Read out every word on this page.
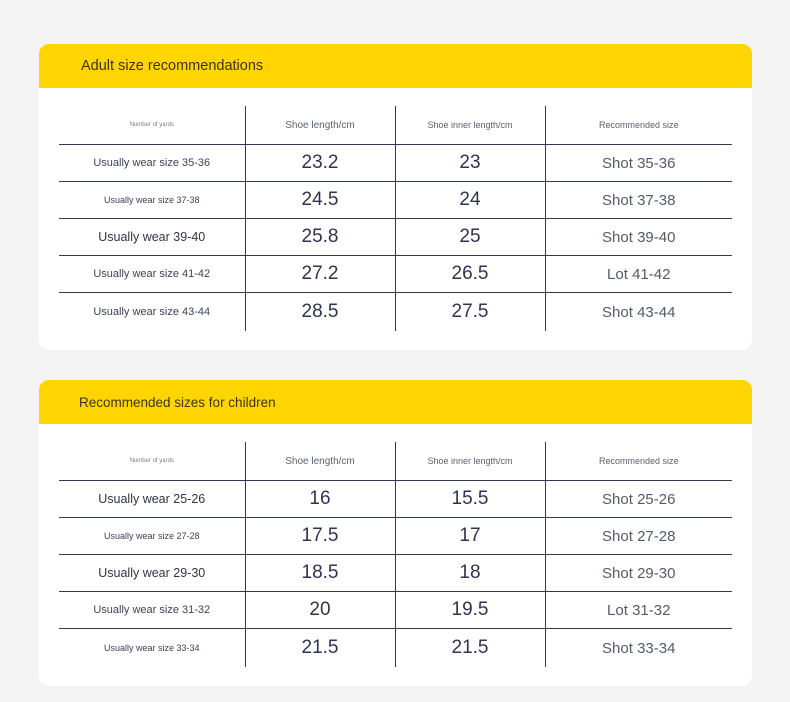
Adult size recommendations
Number of yards	Shoe length/cm	Shoe inner length/cm	Recommended size
Usually wear size 35-36	23.2	23	Shot 35-36
Usually wear size 37-38	24.5	24	Shot 37-38
Usually wear 39-40	25.8	25	Shot 39-40
Usually wear size 41-42	27.2	26.5	Lot 41-42
Usually wear size 43-44	28.5	27.5	Shot 43-44
Recommended sizes for children
Number of yards	Shoe length/cm	Shoe inner length/cm	Recommended size
Usually wear 25-26	16	15.5	Shot 25-26
Usually wear size 27-28	17.5	17	Shot 27-28
Usually wear 29-30	18.5	18	Shot 29-30
Usually wear size 31-32	20	19.5	Lot 31-32
Usually wear size 33-34	21.5	21.5	Shot 33-34
